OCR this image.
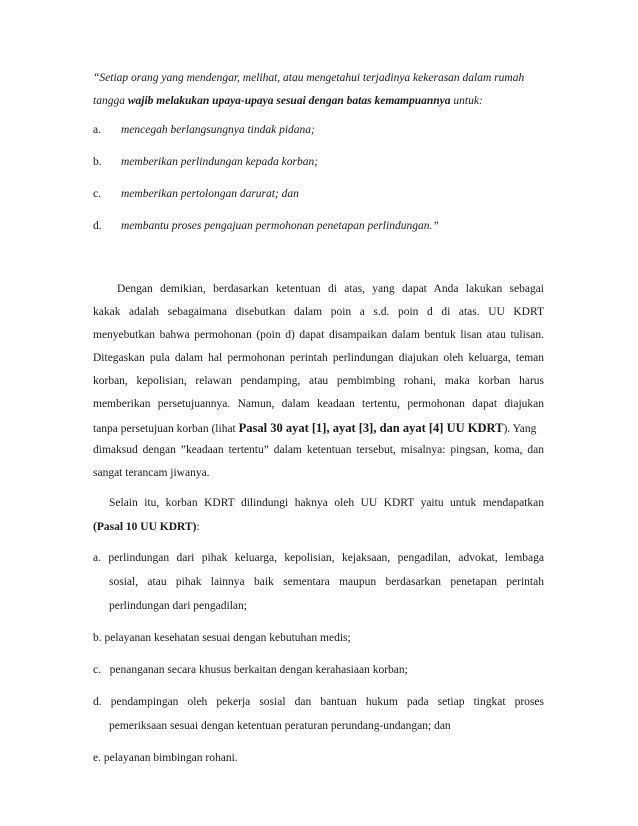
“Setiap orang yang mendengar, melihat, atau mengetahui terjadinya kekerasan dalam rumah
tangga wajib melakukan upaya-upaya sesuai dengan batas kemampuannya untuk:
a. mencegah berlangsungnya tindak pidana;
b. memberikan perlindungan kepada korban;
c. memberikan pertolongan darurat; dan
d. membantu proses pengajuan permohonan penetapan perlindungan.”
Dengan demikian, berdasarkan ketentuan di atas, yang dapat Anda lakukan sebagai
kakak adalah sebagaimana disebutkan dalam poin a s.d. poin d di atas. UU KDRT
menyebutkan bahwa permohonan (poin d) dapat disampaikan dalam bentuk lisan atau tulisan.
Ditegaskan pula dalam hal permohonan perintah perlindungan diajukan oleh keluarga, teman
korban, kepolisian, relawan pendamping, atau pembimbing rohani, maka korban harus
memberikan persetujuannya. Namun, dalam keadaan tertentu, permohonan dapat diajukan
tanpa persetujuan korban (lihat Pasal 30 ayat [1], ayat [3], dan ayat [4] UU KDRT). Yang
dimaksud dengan ”keadaan tertentu” dalam ketentuan tersebut, misalnya: pingsan, koma, dan
sangat terancam jiwanya.
Selain itu, korban KDRT dilindungi haknya oleh UU KDRT yaitu untuk mendapatkan
(Pasal 10 UU KDRT):
a. perlindungan dari pihak keluarga, kepolisian, kejaksaan, pengadilan, advokat, lembaga
sosial, atau pihak lainnya baik sementara maupun berdasarkan penetapan perintah
perlindungan dari pengadilan;
b. pelayanan kesehatan sesuai dengan kebutuhan medis;
c.   penanganan secara khusus berkaitan dengan kerahasiaan korban;
d. pendampingan oleh pekerja sosial dan bantuan hukum pada setiap tingkat proses
pemeriksaan sesuai dengan ketentuan peraturan perundang-undangan; dan
e. pelayanan bimbingan rohani.
